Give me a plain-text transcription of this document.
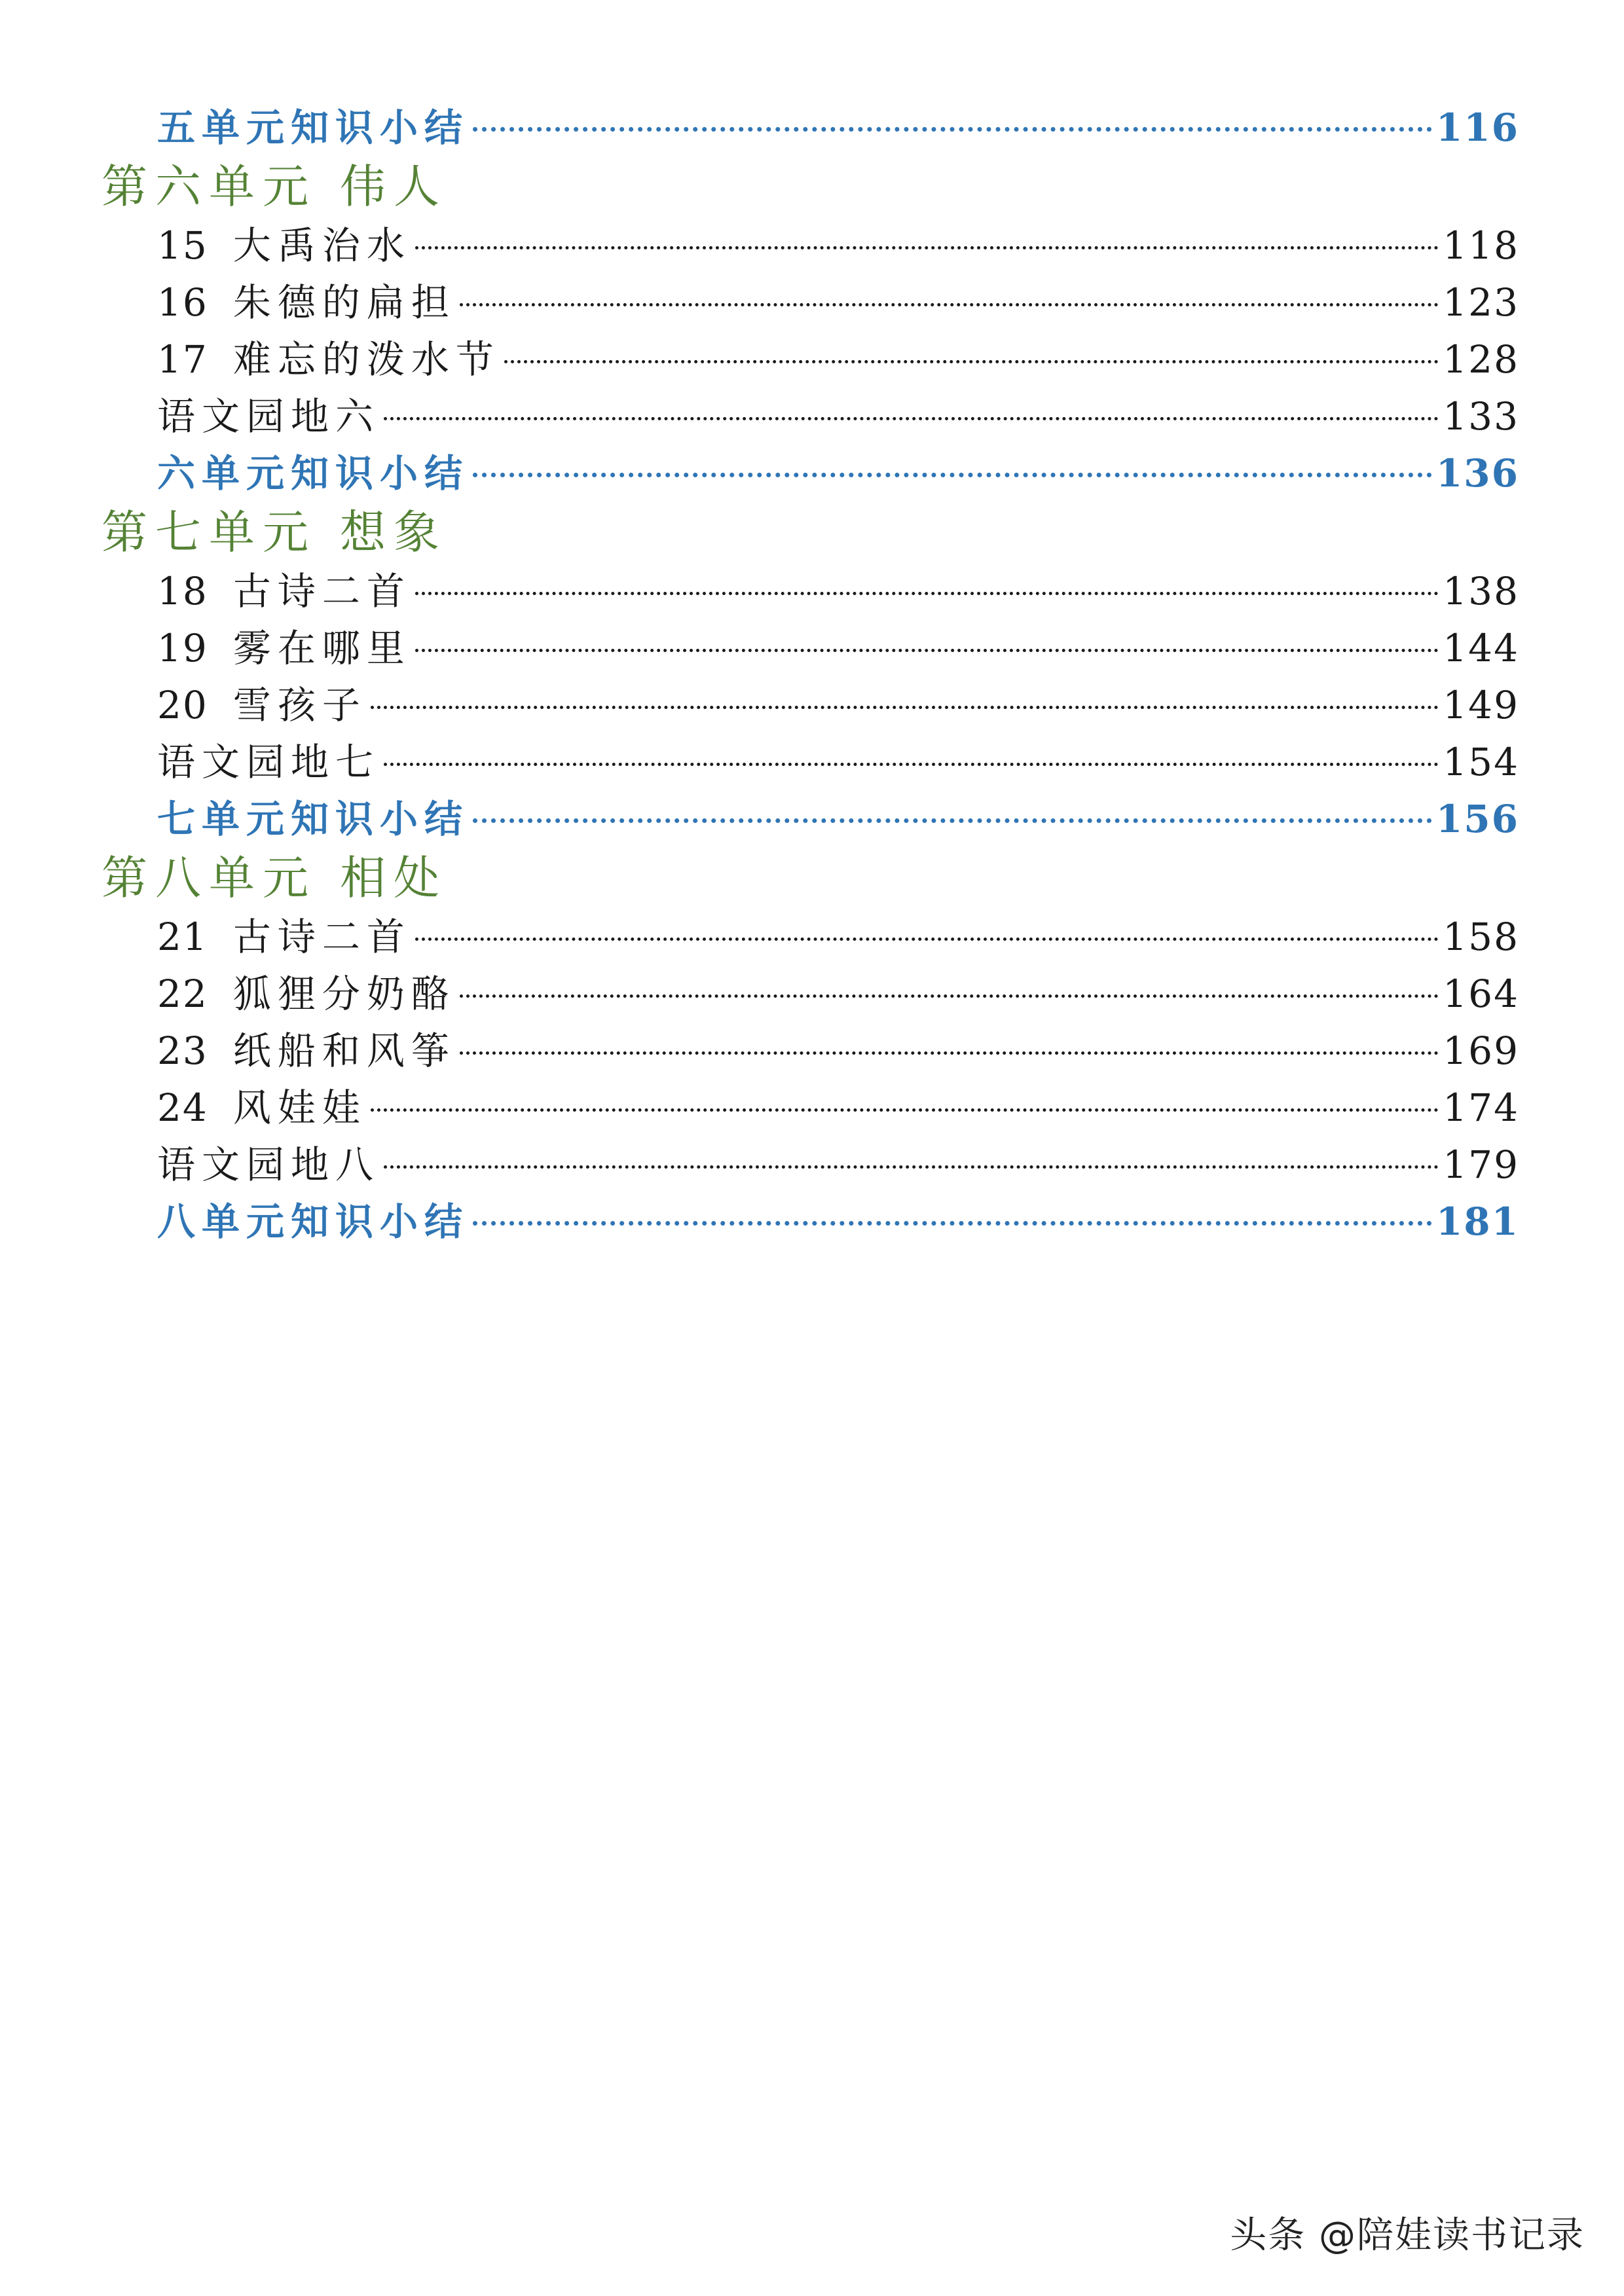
五单元知识小结	116
第六单元 伟人
15 大禹治水	118
16 朱德的扁担	123
17 难忘的泼水节	128
语文园地六	133
六单元知识小结	136
第七单元 想象
18 古诗二首	138
19 雾在哪里	144
20 雪孩子	149
语文园地七	154
七单元知识小结	156
第八单元 相处
21 古诗二首	158
22 狐狸分奶酪	164
23 纸船和风筝	169
24 风娃娃	174
语文园地八	179
八单元知识小结	181
头条 @陪娃读书记录
